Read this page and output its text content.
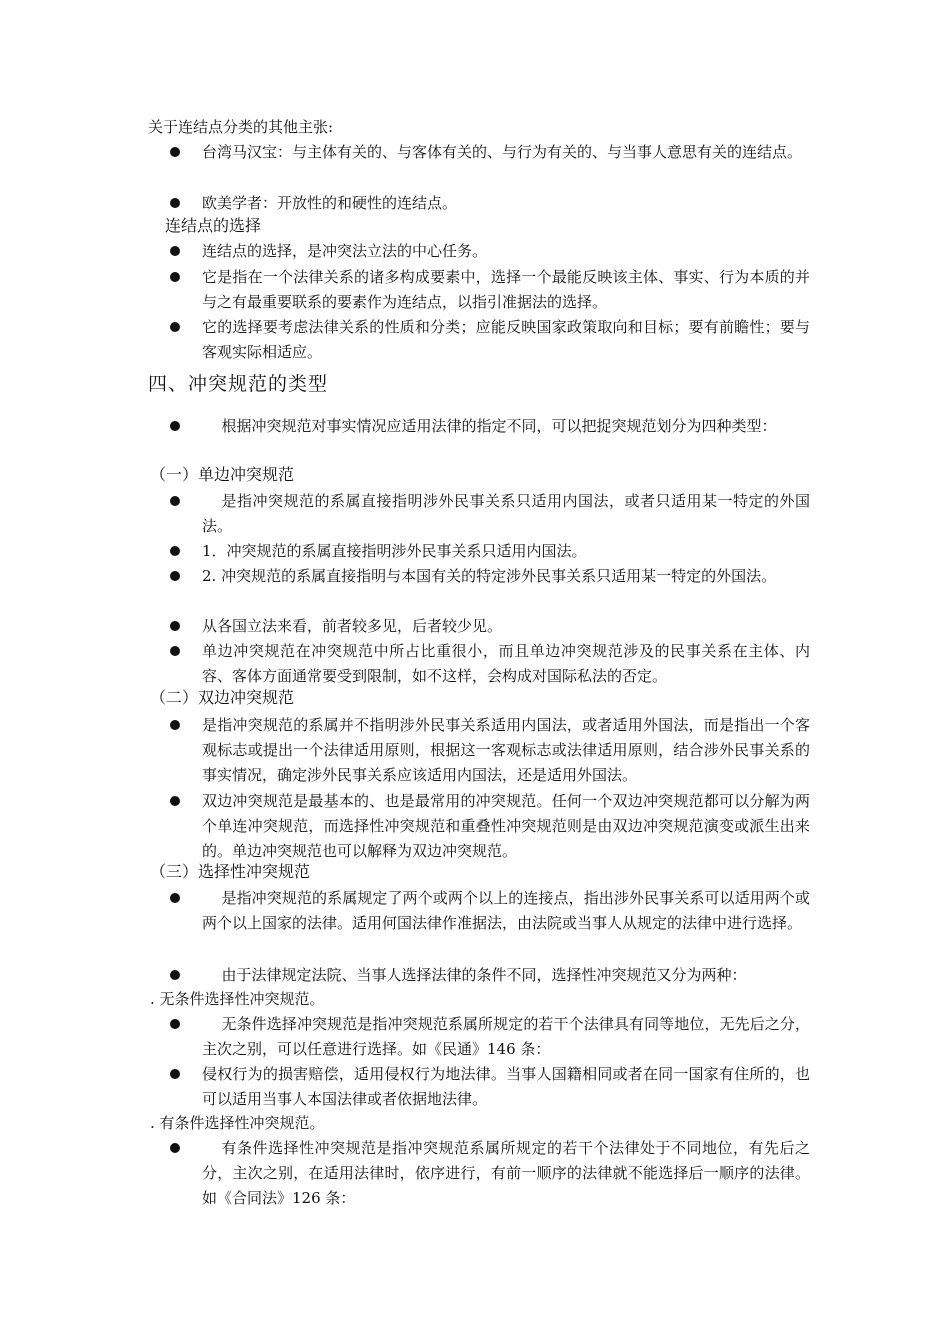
关于连结点分类的其他主张:
台湾马汉宝：与主体有关的、与客体有关的、与行为有关的、与当事人意思有关的连结点。
欧美学者：开放性的和硬性的连结点。
连结点的选择
连结点的选择，是冲突法立法的中心任务。
它是指在一个法律关系的诸多构成要素中，选择一个最能反映该主体、事实、行为本质的并与之有最重要联系的要素作为连结点，以指引准据法的选择。
它的选择要考虑法律关系的性质和分类；应能反映国家政策取向和目标；要有前瞻性；要与客观实际相适应。
四、冲突规范的类型
根据冲突规范对事实情况应适用法律的指定不同，可以把捉突规范划分为四种类型：
（一）单边冲突规范
是指冲突规范的系属直接指明涉外民事关系只适用内国法，或者只适用某一特定的外国法。
1．冲突规范的系属直接指明涉外民事关系只适用内国法。
2. 冲突规范的系属直接指明与本国有关的特定涉外民事关系只适用某一特定的外国法。
从各国立法来看，前者较多见，后者较少见。
单边冲突规范在冲突规范中所占比重很小，而且单边冲突规范涉及的民事关系在主体、内容、客体方面通常要受到限制，如不这样，会构成对国际私法的否定。
（二）双边冲突规范
是指冲突规范的系属并不指明涉外民事关系适用内国法，或者适用外国法，而是指出一个客观标志或提出一个法律适用原则，根据这一客观标志或法律适用原则，结合涉外民事关系的事实情况，确定涉外民事关系应该适用内国法，还是适用外国法。
双边冲突规范是最基本的、也是最常用的冲突规范。任何一个双边冲突规范都可以分解为两个单连冲突规范，而选择性冲突规范和重叠性冲突规范则是由双边冲突规范演变或派生出来的。单边冲突规范也可以解释为双边冲突规范。
（三）选择性冲突规范
是指冲突规范的系属规定了两个或两个以上的连接点，指出涉外民事关系可以适用两个或两个以上国家的法律。适用何国法律作准据法，由法院或当事人从规定的法律中进行选择。
由于法律规定法院、当事人选择法律的条件不同，选择性冲突规范又分为两种：
. 无条件选择性冲突规范。
无条件选择冲突规范是指冲突规范系属所规定的若干个法律具有同等地位，无先后之分，主次之别，可以任意进行选择。如《民通》146 条：
侵权行为的损害赔偿，适用侵权行为地法律。当事人国籍相同或者在同一国家有住所的，也可以适用当事人本国法律或者依据地法律。
. 有条件选择性冲突规范。
有条件选择性冲突规范是指冲突规范系属所规定的若干个法律处于不同地位，有先后之分，主次之别，在适用法律时，依序进行，有前一顺序的法律就不能选择后一顺序的法律。如《合同法》126 条：
